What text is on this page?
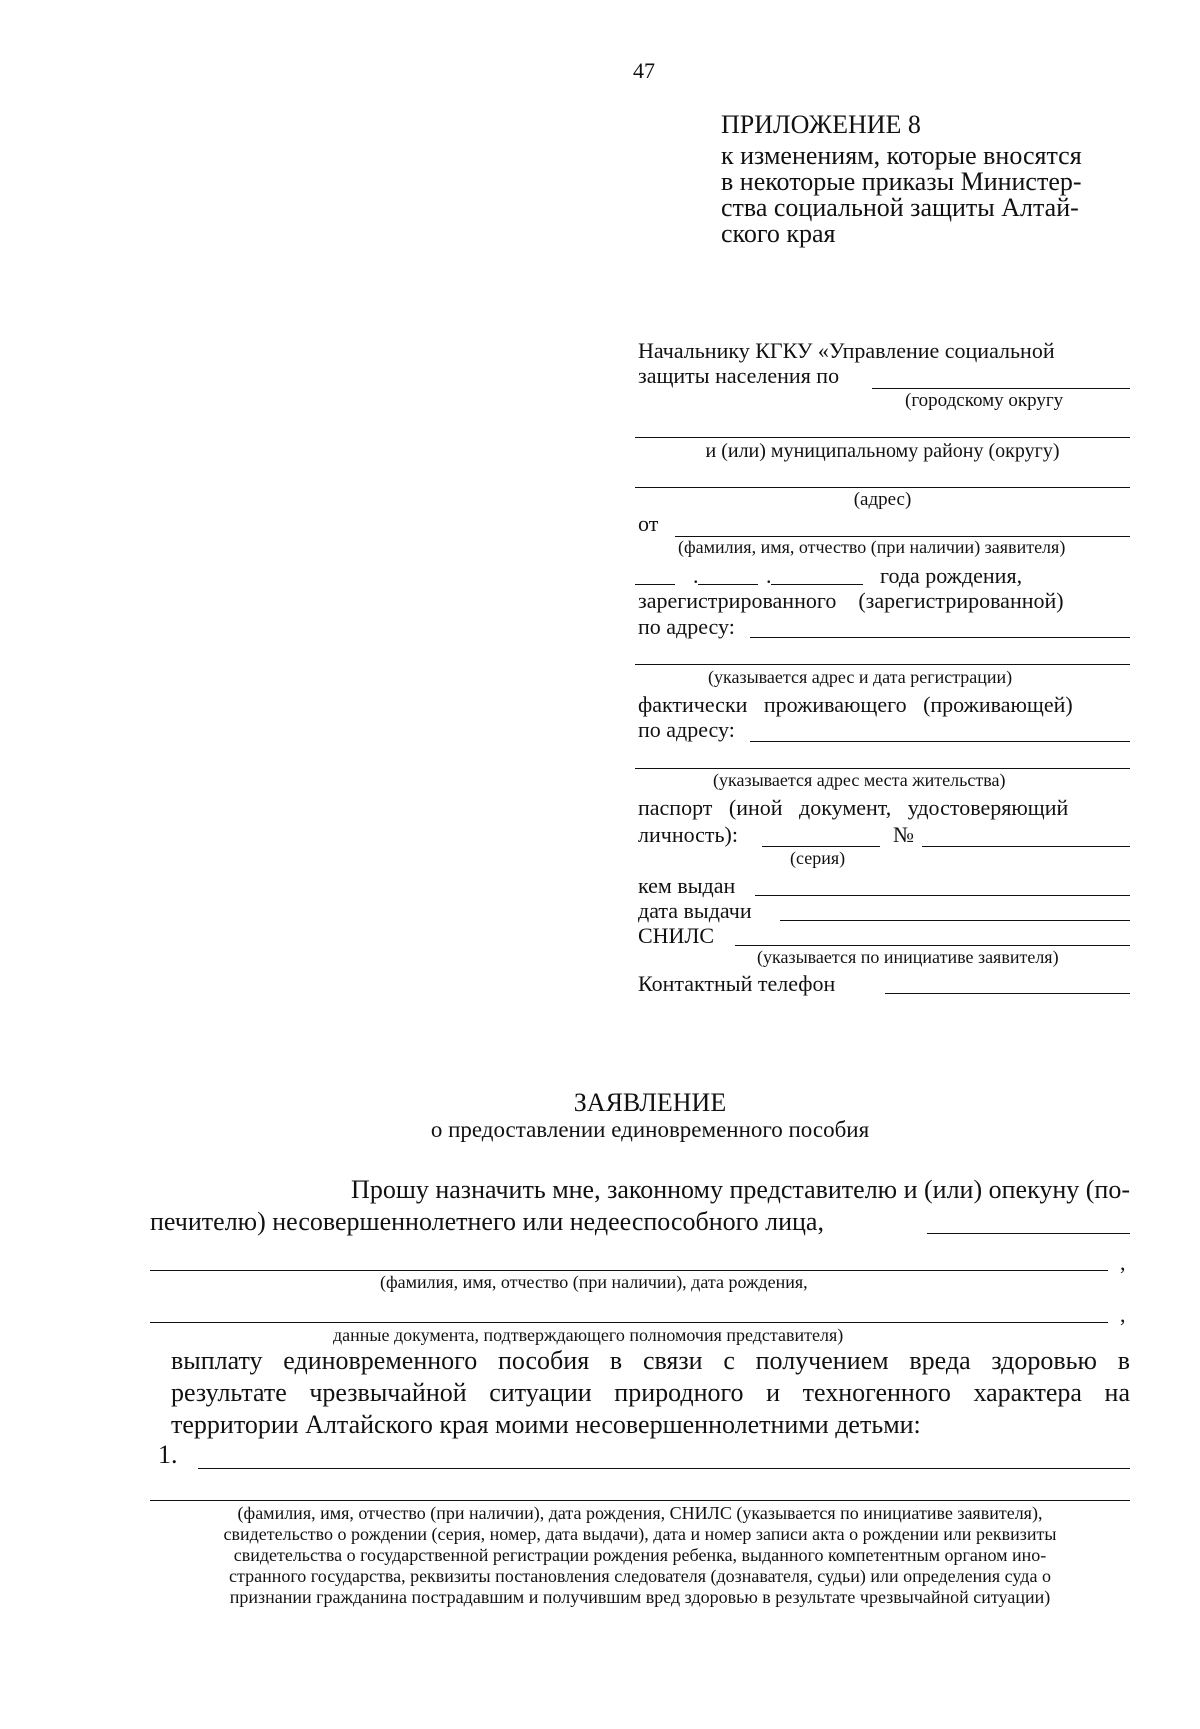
47
ПРИЛОЖЕНИЕ 8
к изменениям, которые вносятся
в некоторые приказы Министер-
ства социальной защиты Алтай-
ского края
Начальнику КГКУ «Управление социальной
защиты населения по
(городскому округу
и (или) муниципальному району (округу)
(адрес)
от
(фамилия, имя, отчество (при наличии) заявителя)
.	.	года рождения,
зарегистрированного    (зарегистрированной)
по адресу:
(указывается адрес и дата регистрации)
фактически   проживающего   (проживающей)
по адресу:
(указывается адрес места жительства)
паспорт   (иной   документ,   удостоверяющий
личность):	№
(серия)
кем выдан
дата выдачи
СНИЛС
(указывается по инициативе заявителя)
Контактный телефон
ЗАЯВЛЕНИЕ
о предоставлении единовременного пособия
Прошу назначить мне, законному представителю и (или) опекуну (по-
печителю) несовершеннолетнего или недееспособного лица,
,
(фамилия, имя, отчество (при наличии), дата рождения,
,
данные документа, подтверждающего полномочия представителя)
выплату единовременного пособия в связи с получением вреда здоровью в
результате чрезвычайной ситуации природного и техногенного характера на
территории Алтайского края моими несовершеннолетними детьми:
1.
(фамилия, имя, отчество (при наличии), дата рождения, СНИЛС (указывается по инициативе заявителя),
свидетельство о рождении (серия, номер, дата выдачи), дата и номер записи акта о рождении или реквизиты
свидетельства о государственной регистрации рождения ребенка, выданного компетентным органом ино-
странного государства, реквизиты постановления следователя (дознавателя, судьи) или определения суда о
признании гражданина пострадавшим и получившим вред здоровью в результате чрезвычайной ситуации)
